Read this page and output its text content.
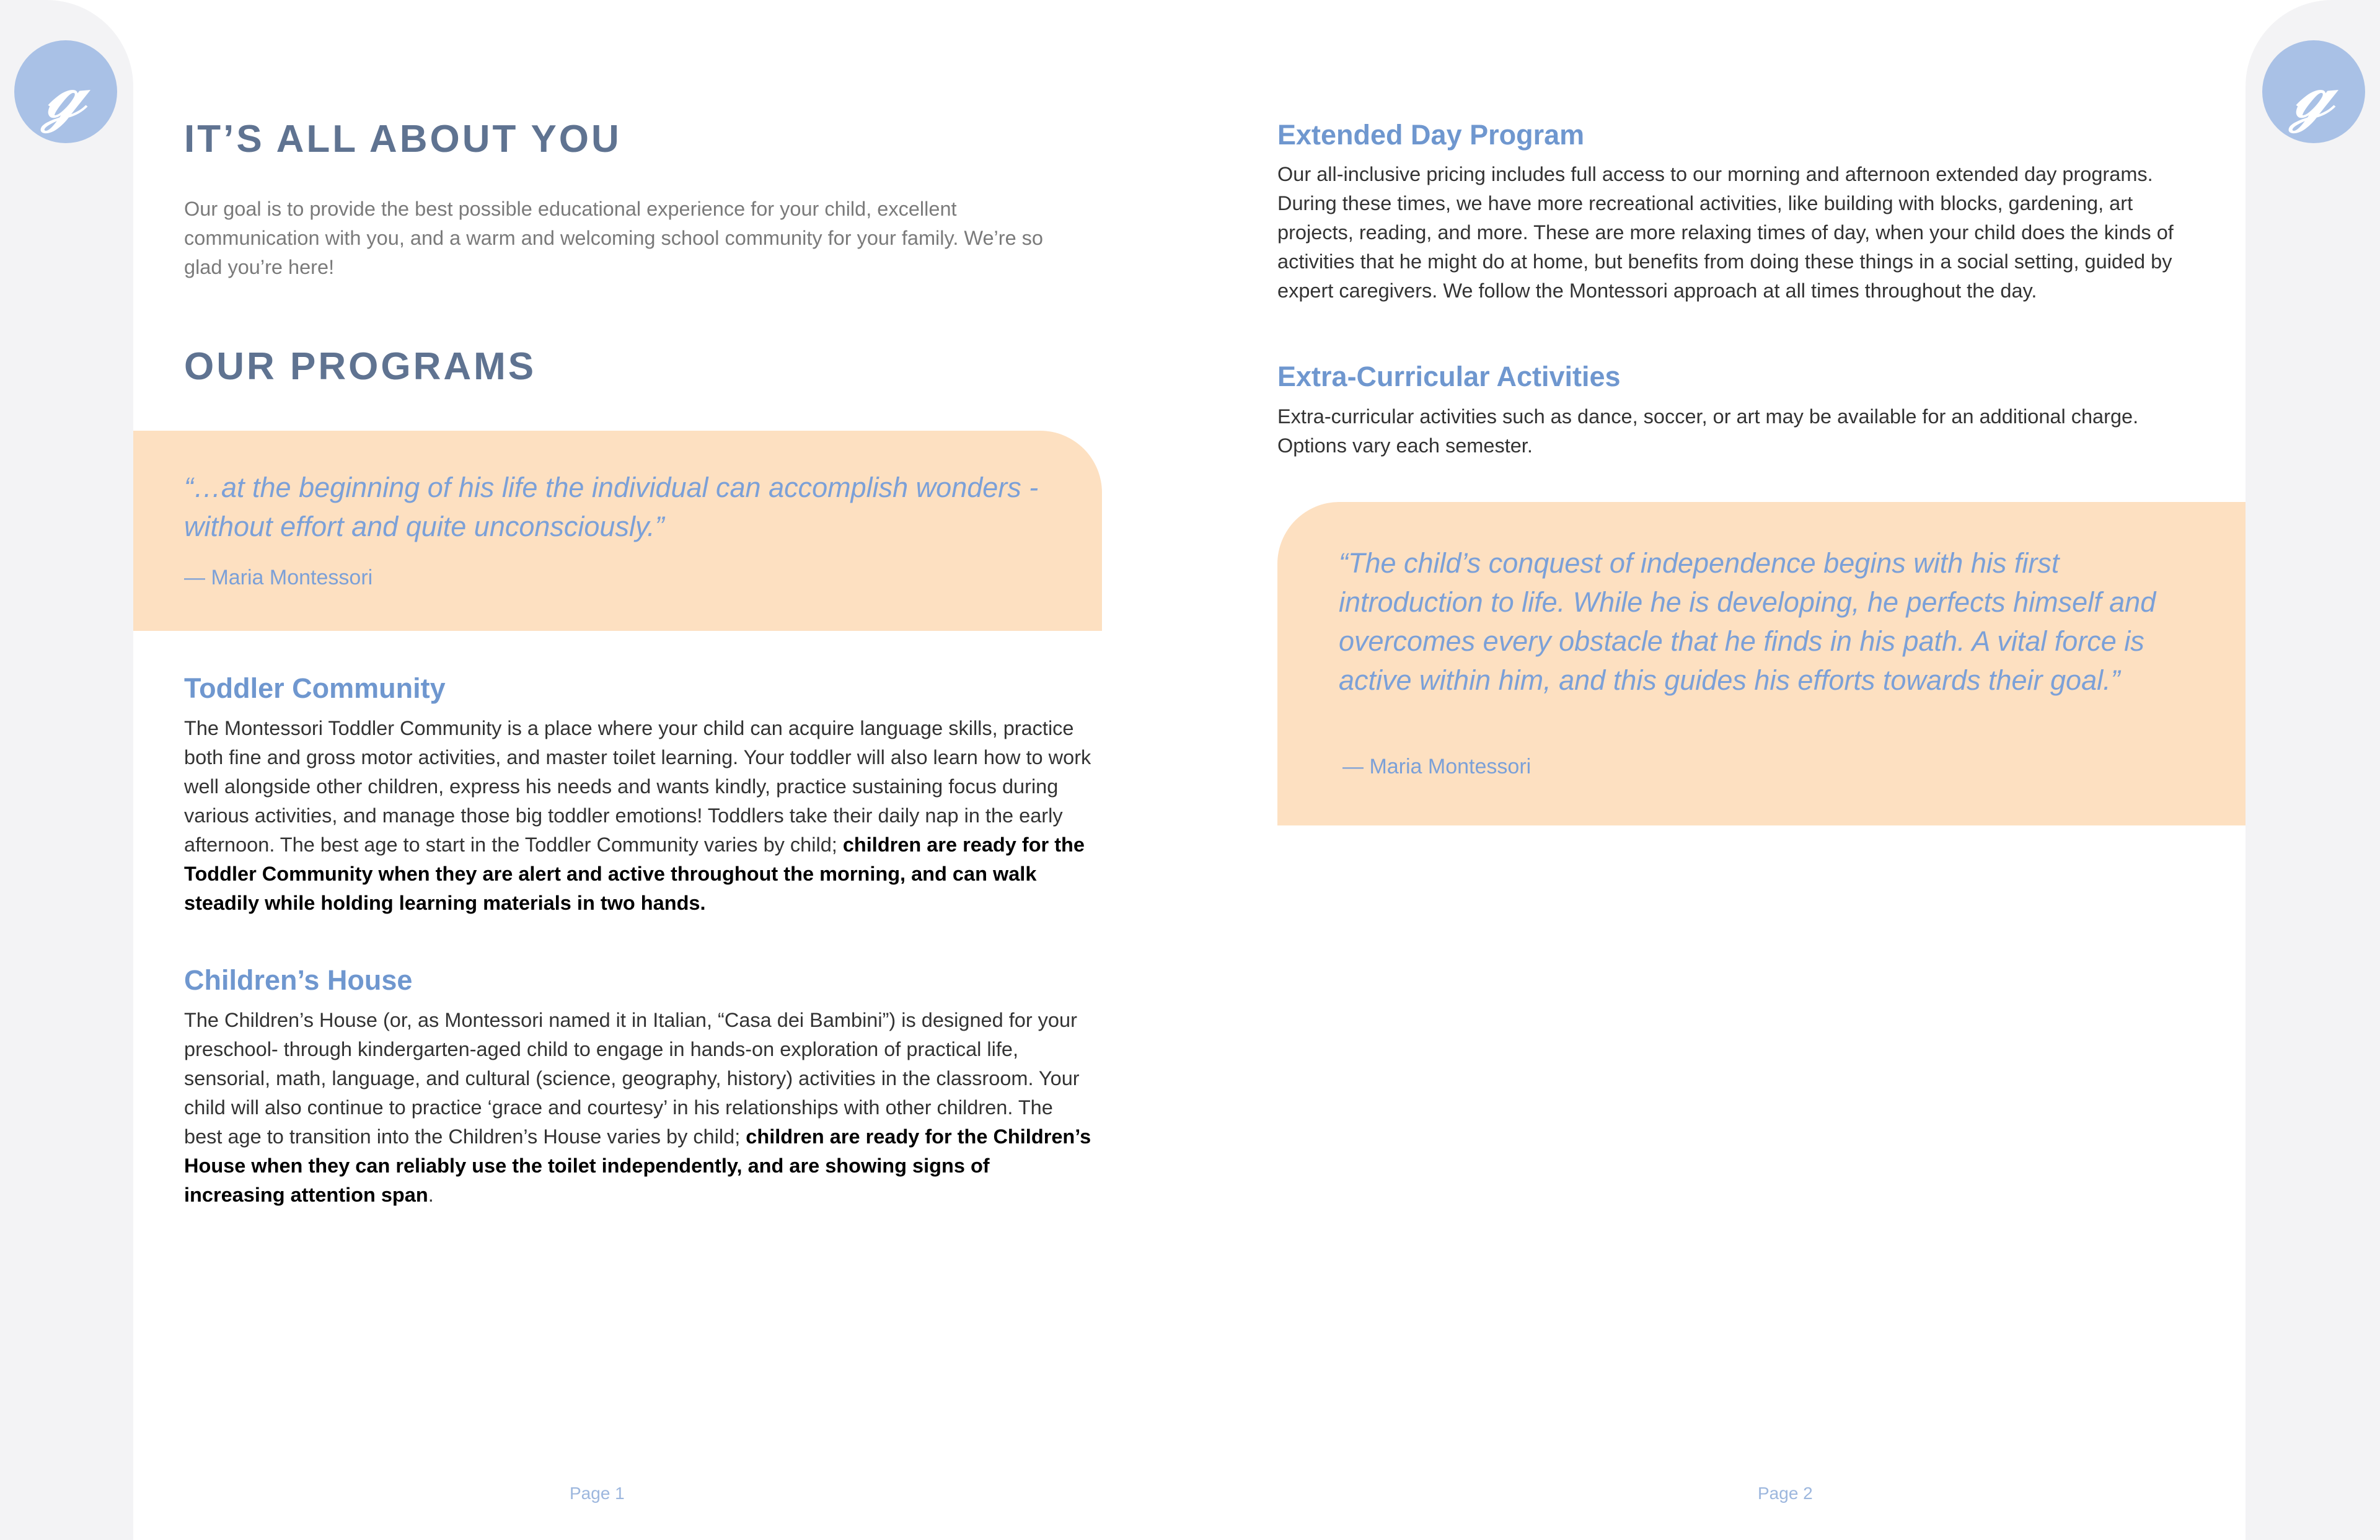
𝓰	𝓰
IT’S ALL ABOUT YOU

Our goal is to provide the best possible educational experience for your child, excellent communication with you, and a warm and welcoming school community for your family. We’re so glad you’re here!

OUR PROGRAMS

“…at the beginning of his life the individual can accomplish wonders - without effort and quite unconsciously.”

— Maria Montessori

Toddler Community

The Montessori Toddler Community is a place where your child can acquire language skills, practice both fine and gross motor activities, and master toilet learning. Your toddler will also learn how to work well alongside other children, express his needs and wants kindly, practice sustaining focus during various activities, and manage those big toddler emotions! Toddlers take their daily nap in the early afternoon. The best age to start in the Toddler Community varies by child; children are ready for the Toddler Community when they are alert and active throughout the morning, and can walk steadily while holding learning materials in two hands.

Children’s House

The Children’s House (or, as Montessori named it in Italian, “Casa dei Bambini”) is designed for your preschool- through kindergarten-aged child to engage in hands-on exploration of practical life, sensorial, math, language, and cultural (science, geography, history) activities in the classroom. Your child will also continue to practice ‘grace and courtesy’ in his relationships with other children. The best age to transition into the Children’s House varies by child; children are ready for the Children’s House when they can reliably use the toilet independently, and are showing signs of increasing attention span.

Page 1

Extended Day Program

Our all-inclusive pricing includes full access to our morning and afternoon extended day programs. During these times, we have more recreational activities, like building with blocks, gardening, art projects, reading, and more. These are more relaxing times of day, when your child does the kinds of activities that he might do at home, but benefits from doing these things in a social setting, guided by expert caregivers. We follow the Montessori approach at all times throughout the day.

Extra-Curricular Activities

Extra-curricular activities such as dance, soccer, or art may be available for an additional charge. Options vary each semester.

“The child’s conquest of independence begins with his first introduction to life. While he is developing, he perfects himself and overcomes every obstacle that he finds in his path. A vital force is active within him, and this guides his efforts towards their goal.”

— Maria Montessori

Page 2
